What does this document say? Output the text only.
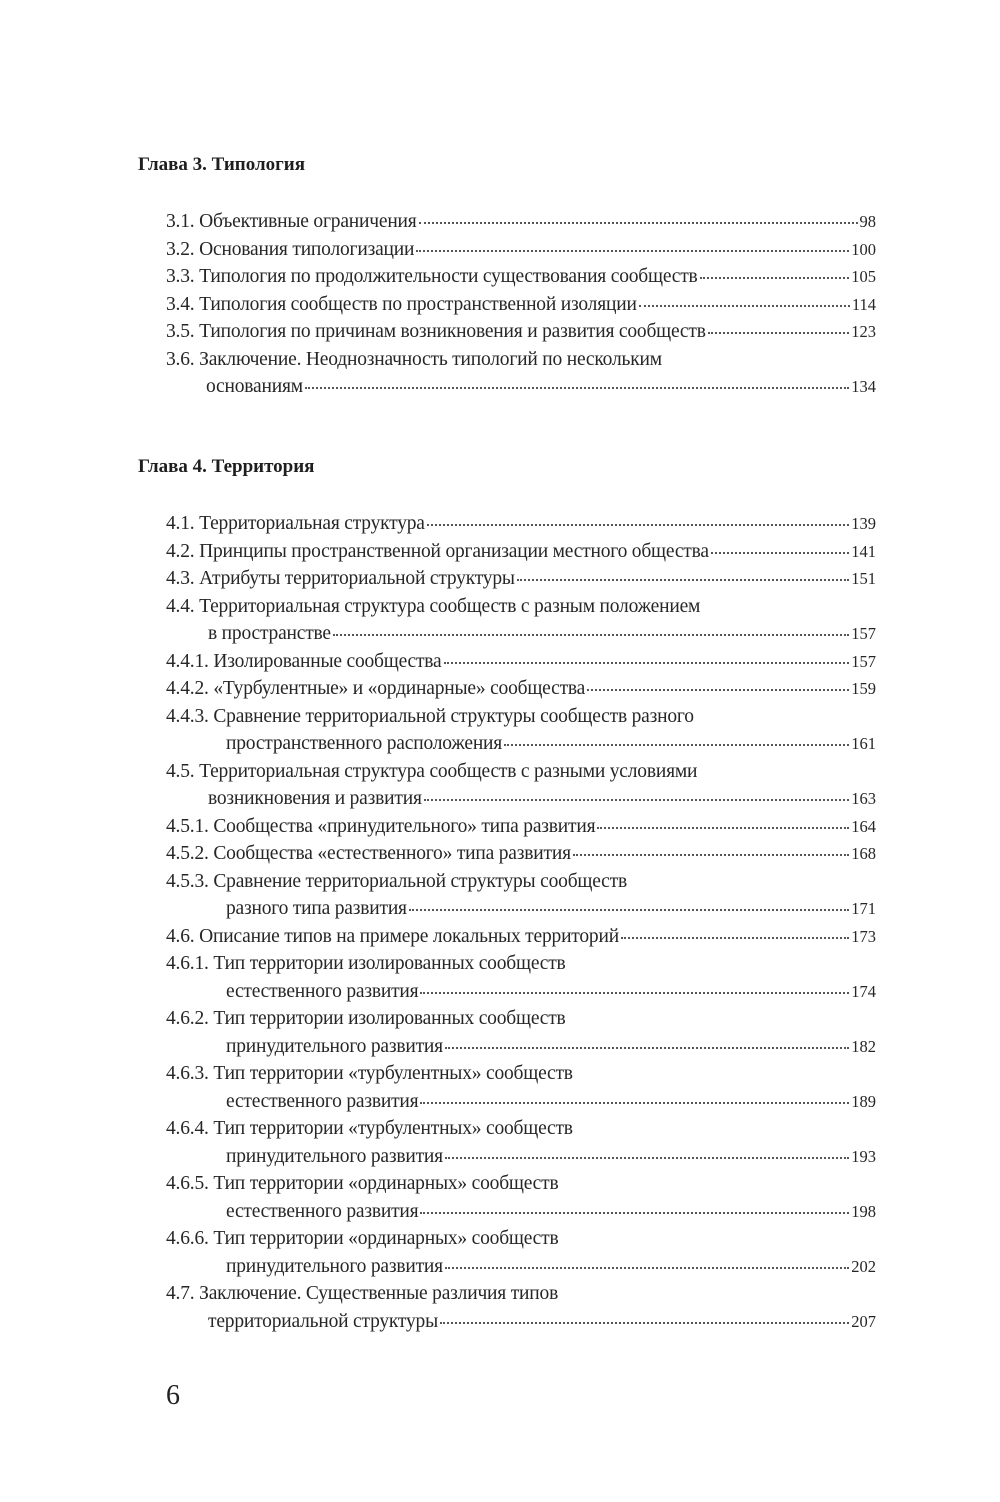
Глава 3. Типология
3.1. Объективные ограничения	98
3.2. Основания типологизации	100
3.3. Типология по продолжительности существования сообществ	105
3.4. Типология сообществ по пространственной изоляции	114
3.5. Типология по причинам возникновения и развития сообществ	123
3.6. Заключение. Неоднозначность типологий по нескольким
основаниям	134
Глава 4. Территория
4.1. Территориальная структура	139
4.2. Принципы пространственной организации местного общества	141
4.3. Атрибуты территориальной структуры	151
4.4. Территориальная структура сообществ с разным положением
в пространстве	157
4.4.1. Изолированные сообщества	157
4.4.2. «Турбулентные» и «ординарные» сообщества	159
4.4.3. Сравнение территориальной структуры сообществ разного
пространственного расположения	161
4.5. Территориальная структура сообществ с разными условиями
возникновения и развития	163
4.5.1. Сообщества «принудительного» типа развития	164
4.5.2. Сообщества «естественного» типа развития	168
4.5.3. Сравнение территориальной структуры сообществ
разного типа развития	171
4.6. Описание типов на примере локальных территорий	173
4.6.1. Тип территории изолированных сообществ
естественного развития	174
4.6.2. Тип территории изолированных сообществ
принудительного развития	182
4.6.3. Тип территории «турбулентных» сообществ
естественного развития	189
4.6.4. Тип территории «турбулентных» сообществ
принудительного развития	193
4.6.5. Тип территории «ординарных» сообществ
естественного развития	198
4.6.6. Тип территории «ординарных» сообществ
принудительного развития	202
4.7. Заключение. Существенные различия типов
территориальной структуры	207
6
